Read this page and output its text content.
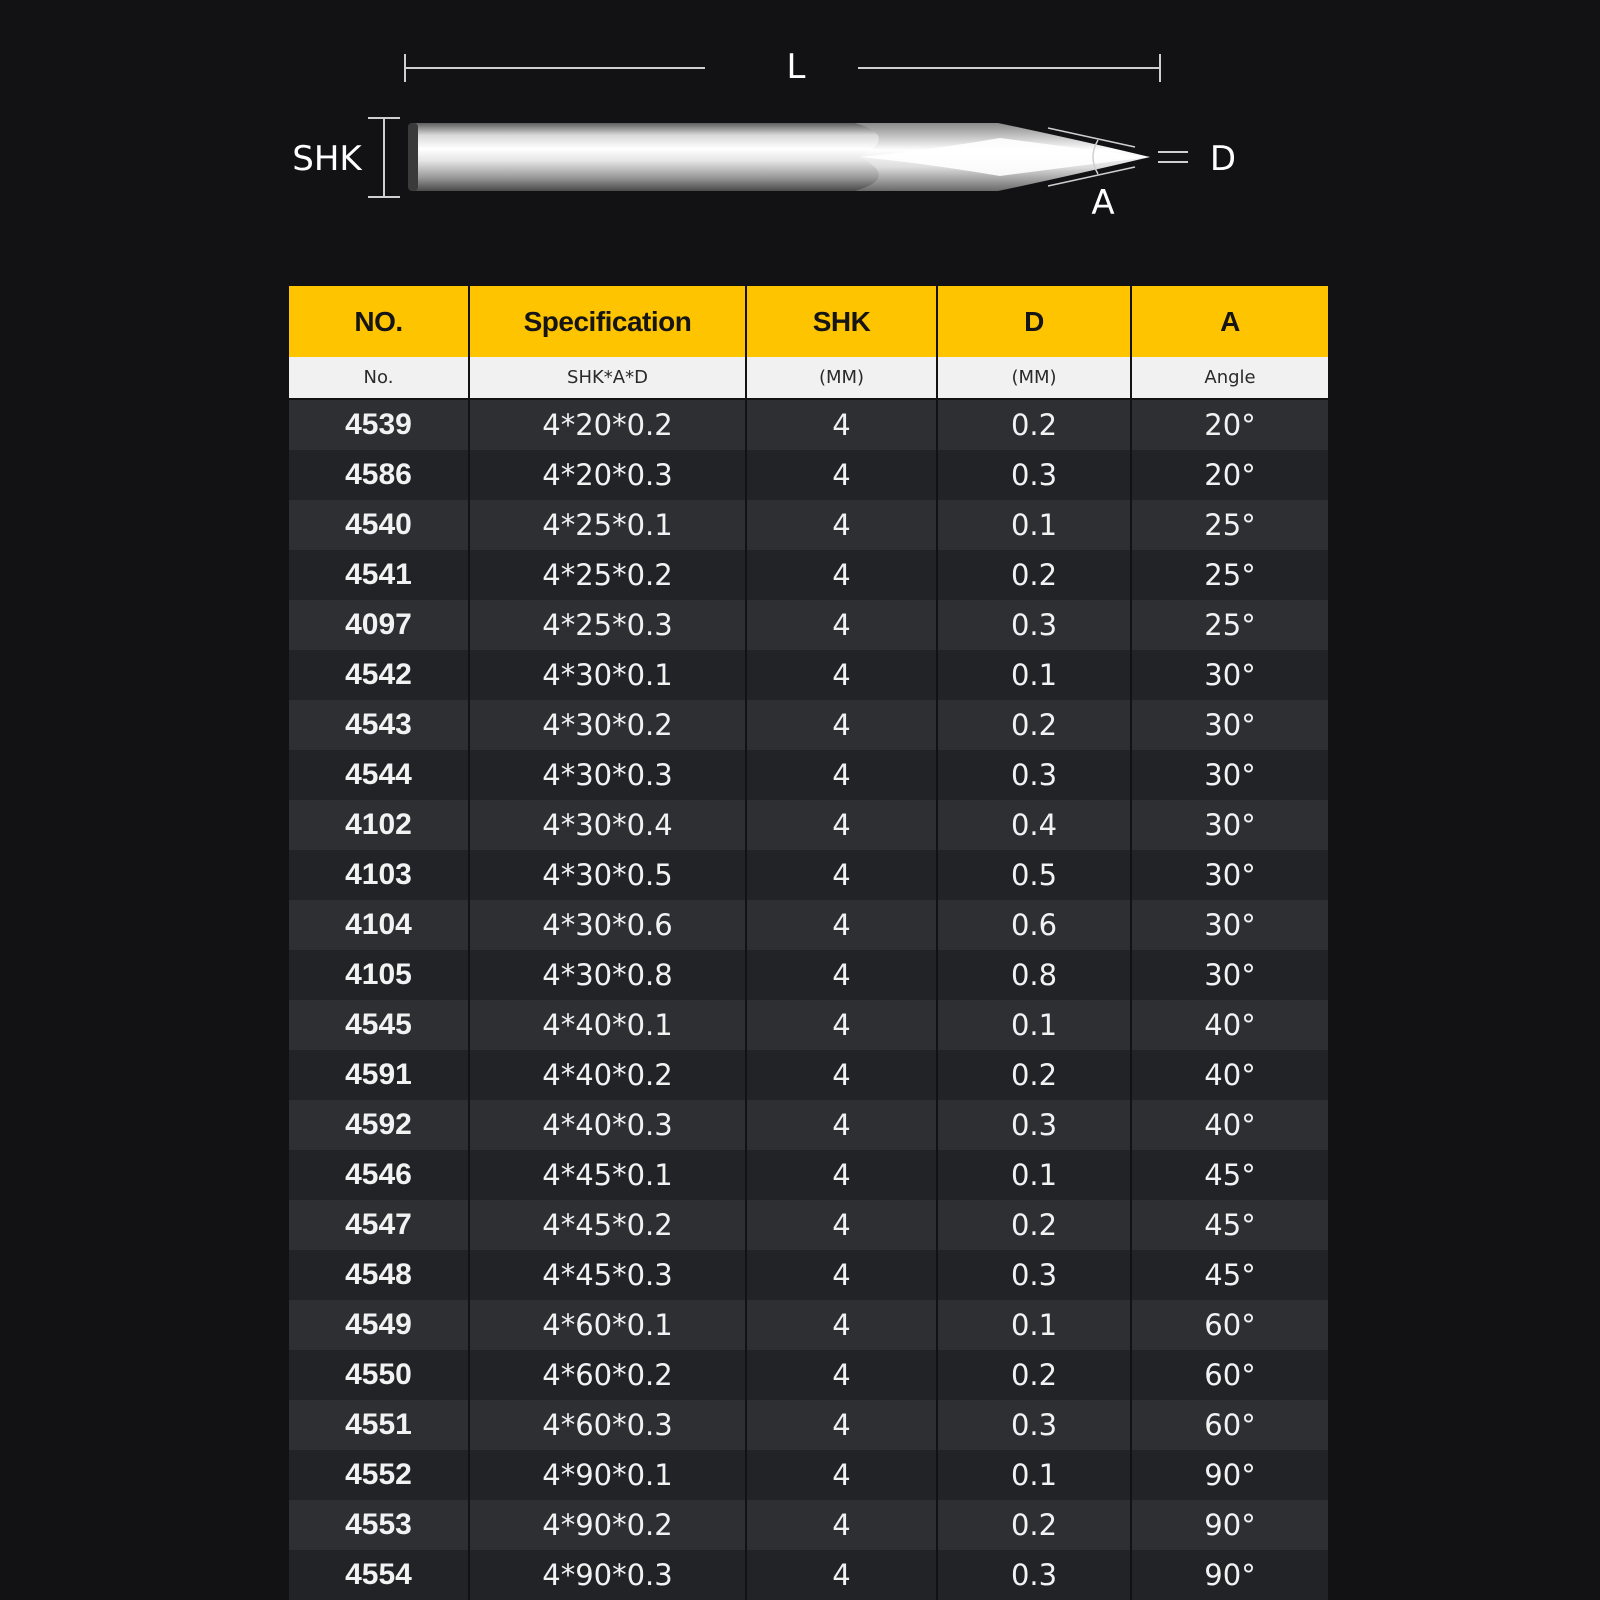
L
SHK
A
D
NO.	Specification	SHK	D	A
No.	SHK*A*D	(MM)	(MM)	Angle
4539	4*20*0.2	4	0.2	20°
4586	4*20*0.3	4	0.3	20°
4540	4*25*0.1	4	0.1	25°
4541	4*25*0.2	4	0.2	25°
4097	4*25*0.3	4	0.3	25°
4542	4*30*0.1	4	0.1	30°
4543	4*30*0.2	4	0.2	30°
4544	4*30*0.3	4	0.3	30°
4102	4*30*0.4	4	0.4	30°
4103	4*30*0.5	4	0.5	30°
4104	4*30*0.6	4	0.6	30°
4105	4*30*0.8	4	0.8	30°
4545	4*40*0.1	4	0.1	40°
4591	4*40*0.2	4	0.2	40°
4592	4*40*0.3	4	0.3	40°
4546	4*45*0.1	4	0.1	45°
4547	4*45*0.2	4	0.2	45°
4548	4*45*0.3	4	0.3	45°
4549	4*60*0.1	4	0.1	60°
4550	4*60*0.2	4	0.2	60°
4551	4*60*0.3	4	0.3	60°
4552	4*90*0.1	4	0.1	90°
4553	4*90*0.2	4	0.2	90°
4554	4*90*0.3	4	0.3	90°
